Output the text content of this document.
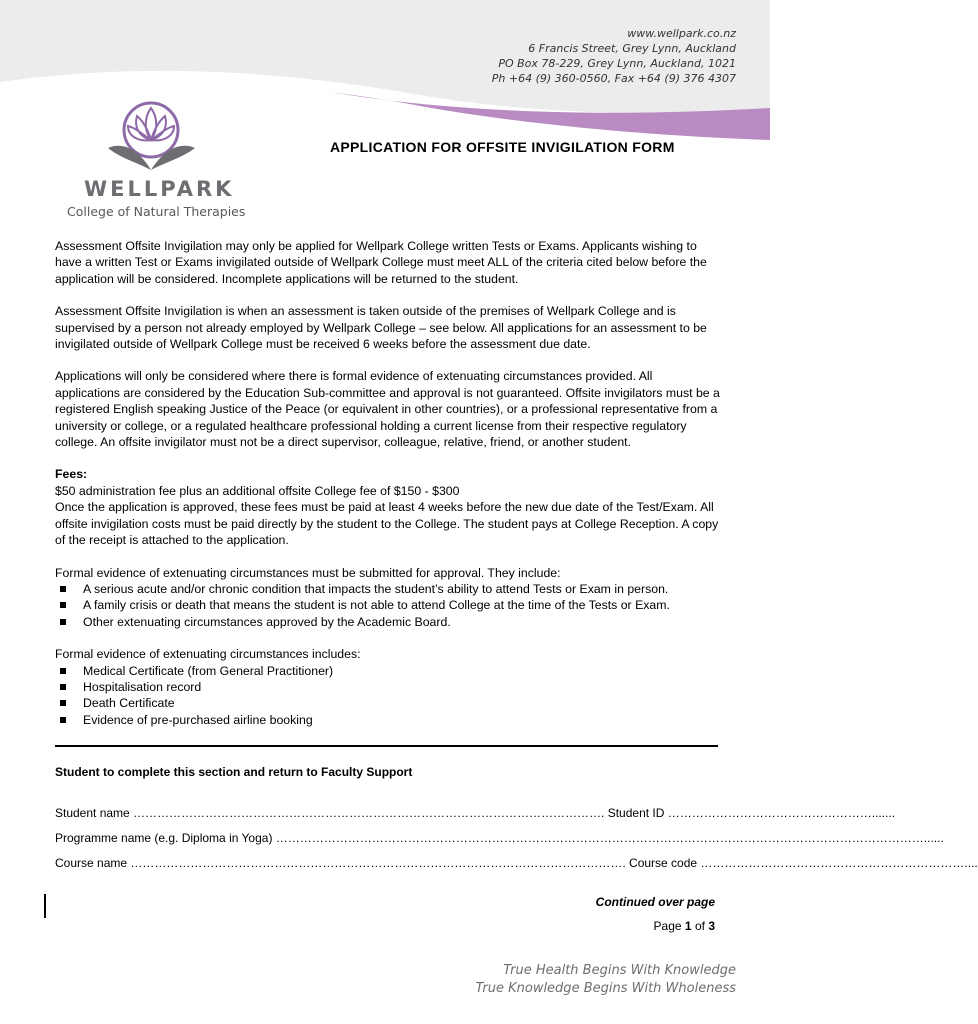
www.wellpark.co.nz
6 Francis Street, Grey Lynn, Auckland
PO Box 78-229, Grey Lynn, Auckland, 1021
Ph +64 (9) 360-0560, Fax +64 (9) 376 4307
WELLPARK
College of Natural Therapies
APPLICATION FOR OFFSITE INVIGILATION FORM

Assessment Offsite Invigilation may only be applied for Wellpark College written Tests or Exams. Applicants wishing to have a written Test or Exams invigilated outside of Wellpark College must meet ALL of the criteria cited below before the application will be considered. Incomplete applications will be returned to the student.

Assessment Offsite Invigilation is when an assessment is taken outside of the premises of Wellpark College and is supervised by a person not already employed by Wellpark College – see below. All applications for an assessment to be invigilated outside of Wellpark College must be received 6 weeks before the assessment due date.

Applications will only be considered where there is formal evidence of extenuating circumstances provided. All applications are considered by the Education Sub-committee and approval is not guaranteed. Offsite invigilators must be a registered English speaking Justice of the Peace (or equivalent in other countries), or a professional representative from a university or college, or a regulated healthcare professional holding a current license from their respective regulatory college. An offsite invigilator must not be a direct supervisor, colleague, relative, friend, or another student.

Fees:
$50 administration fee plus an additional offsite College fee of $150 - $300
Once the application is approved, these fees must be paid at least 4 weeks before the new due date of the Test/Exam. All offsite invigilation costs must be paid directly by the student to the College. The student pays at College Reception. A copy of the receipt is attached to the application.

Formal evidence of extenuating circumstances must be submitted for approval. They include:
A serious acute and/or chronic condition that impacts the student’s ability to attend Tests or Exam in person.
A family crisis or death that means the student is not able to attend College at the time of the Tests or Exam.
Other extenuating circumstances approved by the Academic Board.
Formal evidence of extenuating circumstances includes:
Medical Certificate (from General Practitioner)
Hospitalisation record
Death Certificate
Evidence of pre-purchased airline booking
Student to complete this section and return to Faculty Support
Student name ………………………………………………………………………………………………………. Student ID …………………………………………….......
Programme name (e.g. Diploma in Yoga) ………………………………………………………………………………………………………………………………………………......
Course name ……………………………………………………………………………………………………………. Course code …………………………………………………………....
Continued over page
Page 1 of 3
True Health Begins With Knowledge
True Knowledge Begins With Wholeness
